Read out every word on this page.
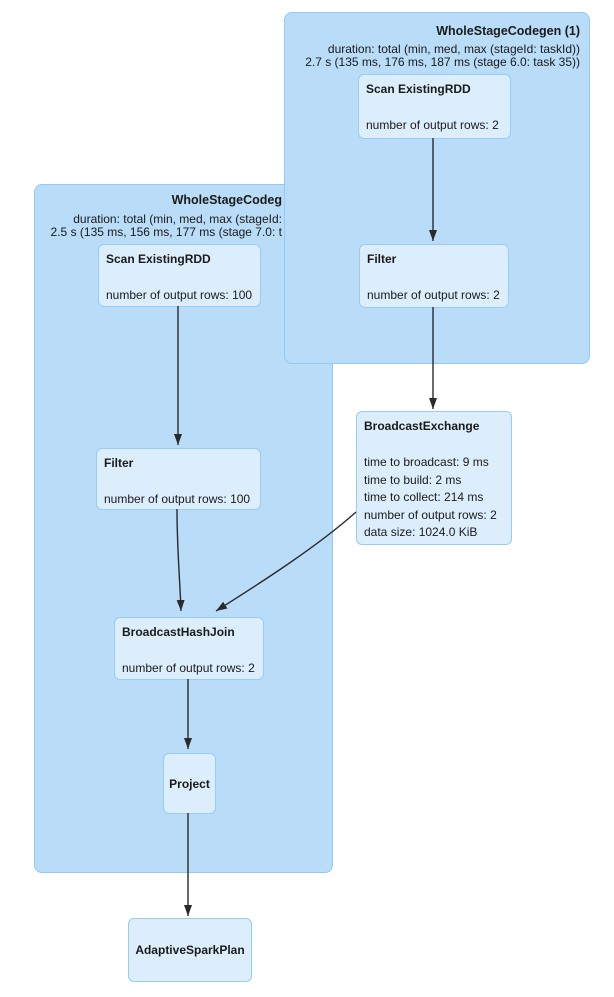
WholeStageCodeg
duration: total (min, med, max (stageId:
2.5 s (135 ms, 156 ms, 177 ms (stage 7.0: t
Scan ExistingRDD
number of output rows: 100
Filter
number of output rows: 100
BroadcastHashJoin
number of output rows: 2
Project
WholeStageCodegen (1)
duration: total (min, med, max (stageId: taskId))
2.7 s (135 ms, 176 ms, 187 ms (stage 6.0: task 35))
Scan ExistingRDD
number of output rows: 2
Filter
number of output rows: 2
BroadcastExchange
time to broadcast: 9 ms
time to build: 2 ms
time to collect: 214 ms
number of output rows: 2
data size: 1024.0 KiB
AdaptiveSparkPlan
